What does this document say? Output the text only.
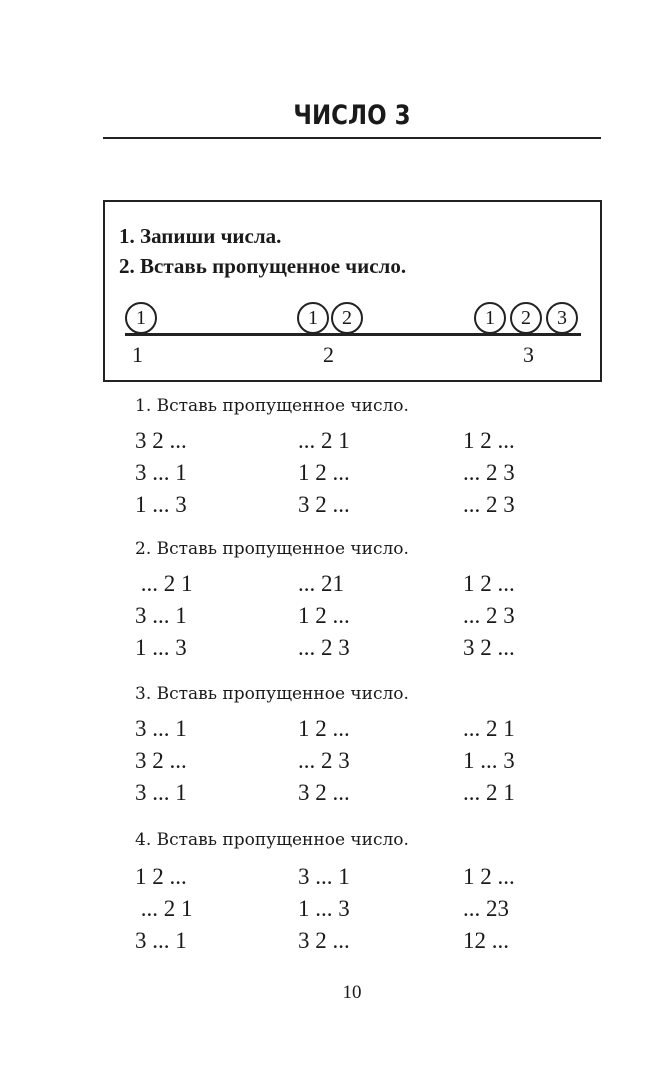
ЧИСЛО 3
1. Запиши числа.
2. Вставь пропущенное число.
1	1	2	1	2	3
1	2	3
1. Вставь пропущенное число.
3 2 ...	... 2 1	1 2 ...
3 ... 1	1 2 ...	... 2 3
1 ... 3	3 2 ...	... 2 3
2. Вставь пропущенное число.
... 2 1	... 21	1 2 ...
3 ... 1	1 2 ...	... 2 3
1 ... 3	... 2 3	3 2 ...
3. Вставь пропущенное число.
3 ... 1	1 2 ...	... 2 1
3 2 ...	... 2 3	1 ... 3
3 ... 1	3 2 ...	... 2 1
4. Вставь пропущенное число.
1 2 ...	3 ... 1	1 2 ...
... 2 1	1 ... 3	... 23
3 ... 1	3 2 ...	12 ...
10
